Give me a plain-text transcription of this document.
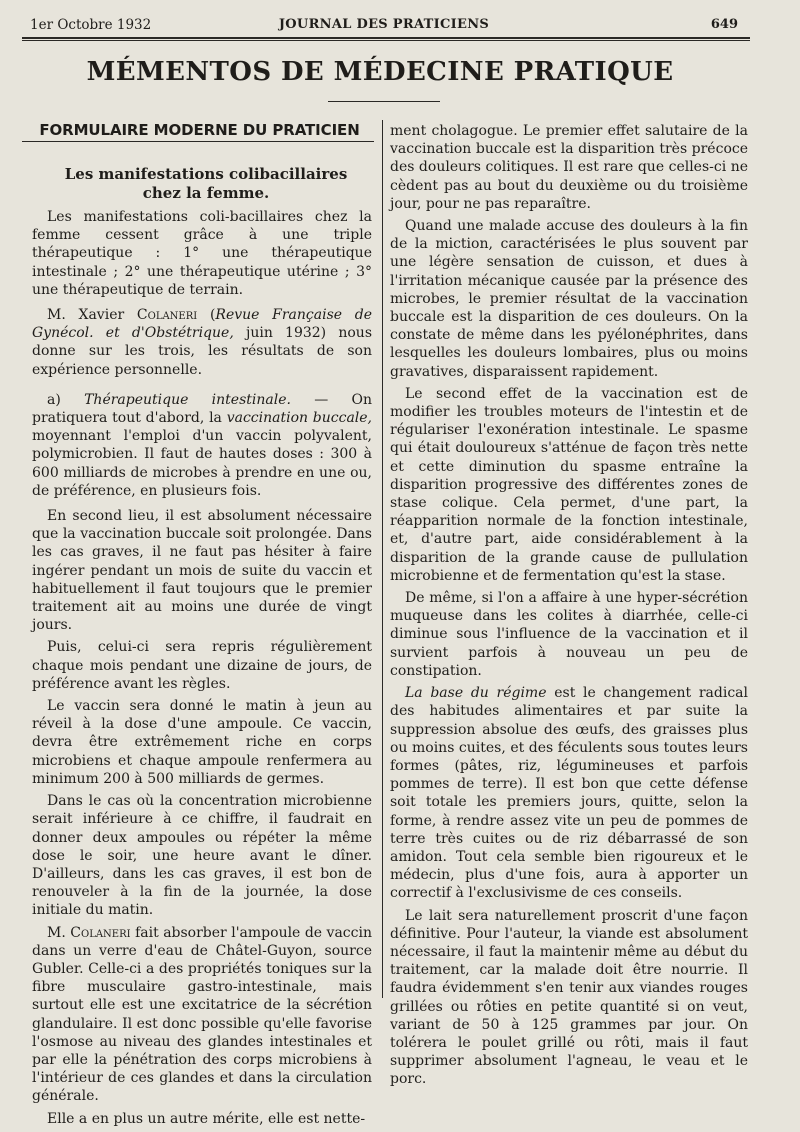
1er Octobre 1932	JOURNAL DES PRATICIENS	649
MÉMENTOS DE MÉDECINE PRATIQUE
FORMULAIRE MODERNE DU PRATICIEN
Les manifestations colibacillaires
chez la femme.

Les manifestations coli-bacillaires chez la femme cessent grâce à une triple thérapeutique : 1° une thérapeutique intestinale ; 2° une thérapeutique utérine ; 3° une thérapeutique de terrain.

M. Xavier Colaneri (Revue Française de Gynécol. et d'Obstétrique, juin 1932) nous donne sur les trois, les résultats de son expérience personnelle.

a) Thérapeutique intestinale. — On pratiquera tout d'abord, la vaccination buccale, moyennant l'emploi d'un vaccin polyvalent, polymicrobien. Il faut de hautes doses : 300 à 600 milliards de microbes à prendre en une ou, de préférence, en plusieurs fois.

En second lieu, il est absolument nécessaire que la vaccination buccale soit prolongée. Dans les cas graves, il ne faut pas hésiter à faire ingérer pendant un mois de suite du vaccin et habituellement il faut toujours que le premier traitement ait au moins une durée de vingt jours.

Puis, celui-ci sera repris régulièrement chaque mois pendant une dizaine de jours, de préférence avant les règles.

Le vaccin sera donné le matin à jeun au réveil à la dose d'une ampoule. Ce vaccin, devra être extrêmement riche en corps microbiens et chaque ampoule renfermera au minimum 200 à 500 milliards de germes.

Dans le cas où la concentration microbienne serait inférieure à ce chiffre, il faudrait en donner deux ampoules ou répéter la même dose le soir, une heure avant le dîner. D'ailleurs, dans les cas graves, il est bon de renouveler à la fin de la journée, la dose initiale du matin.

M. Colaneri fait absorber l'ampoule de vaccin dans un verre d'eau de Châtel-Guyon, source Gubler. Celle-ci a des propriétés toniques sur la fibre musculaire gastro-intestinale, mais surtout elle est une excitatrice de la sécrétion glandulaire. Il est donc possible qu'elle favorise l'osmose au niveau des glandes intestinales et par elle la pénétration des corps microbiens à l'intérieur de ces glandes et dans la circulation générale.

Elle a en plus un autre mérite, elle est nette-

ment cholagogue. Le premier effet salutaire de la vaccination buccale est la disparition très précoce des douleurs colitiques. Il est rare que celles-ci ne cèdent pas au bout du deuxième ou du troisième jour, pour ne pas reparaître.

Quand une malade accuse des douleurs à la fin de la miction, caractérisées le plus souvent par une légère sensation de cuisson, et dues à l'irritation mécanique causée par la présence des microbes, le premier résultat de la vaccination buccale est la disparition de ces douleurs. On la constate de même dans les pyélonéphrites, dans lesquelles les douleurs lombaires, plus ou moins gravatives, disparaissent rapidement.

Le second effet de la vaccination est de modifier les troubles moteurs de l'intestin et de régulariser l'exonération intestinale. Le spasme qui était douloureux s'atténue de façon très nette et cette diminution du spasme entraîne la disparition progressive des différentes zones de stase colique. Cela permet, d'une part, la réapparition normale de la fonction intestinale, et, d'autre part, aide considérablement à la disparition de la grande cause de pullulation microbienne et de fermentation qu'est la stase.

De même, si l'on a affaire à une hyper-sécrétion muqueuse dans les colites à diarrhée, celle-ci diminue sous l'influence de la vaccination et il survient parfois à nouveau un peu de constipation.

La base du régime est le changement radical des habitudes alimentaires et par suite la suppression absolue des œufs, des graisses plus ou moins cuites, et des féculents sous toutes leurs formes (pâtes, riz, légumineuses et parfois pommes de terre). Il est bon que cette défense soit totale les premiers jours, quitte, selon la forme, à rendre assez vite un peu de pommes de terre très cuites ou de riz débarrassé de son amidon. Tout cela semble bien rigoureux et le médecin, plus d'une fois, aura à apporter un correctif à l'exclusivisme de ces conseils.

Le lait sera naturellement proscrit d'une façon définitive. Pour l'auteur, la viande est absolument nécessaire, il faut la maintenir même au début du traitement, car la malade doit être nourrie. Il faudra évidemment s'en tenir aux viandes rouges grillées ou rôties en petite quantité si on veut, variant de 50 à 125 grammes par jour. On tolérera le poulet grillé ou rôti, mais il faut supprimer absolument l'agneau, le veau et le porc.
